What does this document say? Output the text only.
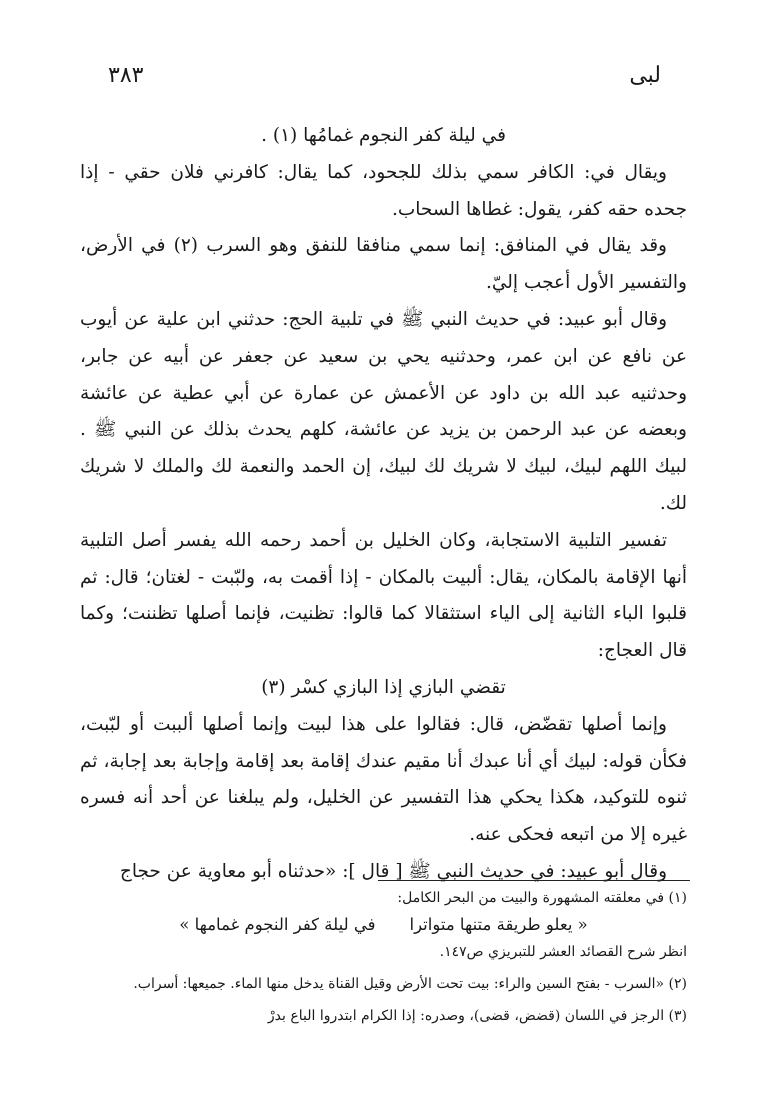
٣٨٣	لبى

في ليلة كفر النجوم غمامُها (١) .

ويقال في: الكافر سمي بذلك للجحود، كما يقال: كافرني فلان حقي - إذا جحده حقه كفر، يقول: غطاها السحاب.

وقد يقال في المنافق: إنما سمي منافقا للنفق وهو السرب (٢) في الأرض، والتفسير الأول أعجب إليّ.

وقال أبو عبيد: في حديث النبي ﷺ في تلبية الحج: حدثني ابن علية عن أيوب عن نافع عن ابن عمر، وحدثنيه يحي بن سعيد عن جعفر عن أبيه عن جابر، وحدثنيه عبد الله بن داود عن الأعمش عن عمارة عن أبي عطية عن عائشة وبعضه عن عبد الرحمن بن يزيد عن عائشة، كلهم يحدث بذلك عن النبي ﷺ . لبيك اللهم لبيك، لبيك لا شريك لك لبيك، إن الحمد والنعمة لك والملك لا شريك لك.

تفسير التلبية الاستجابة، وكان الخليل بن أحمد رحمه الله يفسر أصل التلبية أنها الإقامة بالمكان، يقال: ألبيت بالمكان - إذا أقمت به، ولبّبت - لغتان؛ قال: ثم قلبوا الباء الثانية إلى الياء استثقالا كما قالوا: تظنيت، فإنما أصلها تظننت؛ وكما قال العجاج:

تقضي البازي إذا البازي كسْر (٣)

وإنما أصلها تقضّض، قال: فقالوا على هذا لبيت وإنما أصلها ألببت أو لبّبت، فكأن قوله: لبيك أي أنا عبدك أنا مقيم عندك إقامة بعد إقامة وإجابة بعد إجابة، ثم ثنوه للتوكيد، هكذا يحكي هذا التفسير عن الخليل، ولم يبلغنا عن أحد أنه فسره غيره إلا من اتبعه فحكى عنه.

وقال أبو عبيد: في حديث النبي ﷺ [ قال ]: «حدثناه أبو معاوية عن حجاج

(١) في معلقته المشهورة والبيت من البحر الكامل:

« يعلو طريقة متنها متواترا
في ليلة كفر النجوم غمامها »

انظر شرح القصائد العشر للتبريزي ص١٤٧.

(٢) «السرب - بفتح السين والراء: بيت تحت الأرض وقيل القناة يدخل منها الماء. جميعها: أسراب.

(٣) الرجز في اللسان (قضض، قضى)، وصدره: إذا الكرام ابتدروا الباع بدرْ
